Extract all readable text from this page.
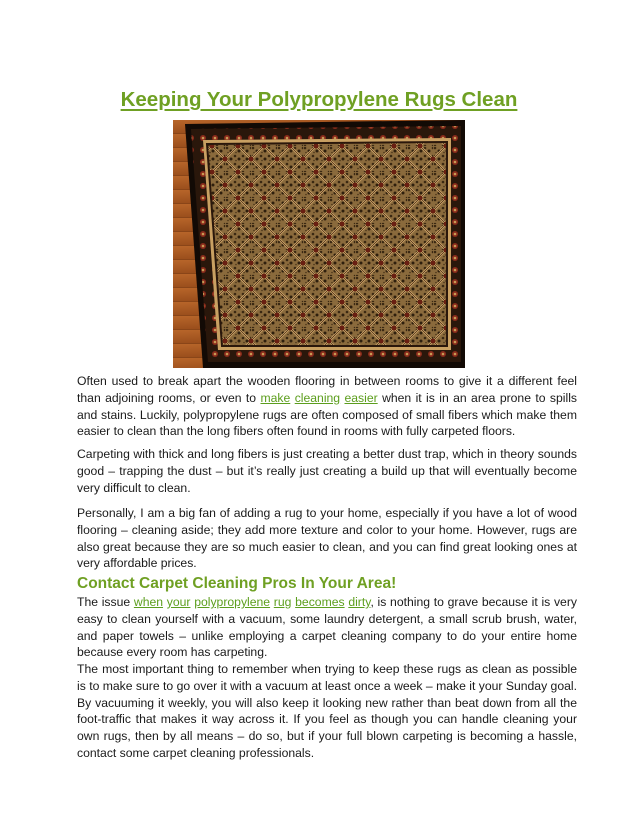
Keeping Your Polypropylene Rugs Clean

Often used to break apart the wooden flooring in between rooms to give it a different feel than adjoining rooms, or even to make cleaning easier when it is in an area prone to spills and stains. Luckily, polypropylene rugs are often composed of small fibers which make them easier to clean than the long fibers often found in rooms with fully carpeted floors.

Carpeting with thick and long fibers is just creating a better dust trap, which in theory sounds good – trapping the dust – but it’s really just creating a build up that will eventually become very difficult to clean.

Personally, I am a big fan of adding a rug to your home, especially if you have a lot of wood flooring – cleaning aside; they add more texture and color to your home. However, rugs are also great because they are so much easier to clean, and you can find great looking ones at very affordable prices.

Contact Carpet Cleaning Pros In Your Area!

The issue when your polypropylene rug becomes dirty, is nothing to grave because it is very easy to clean yourself with a vacuum, some laundry detergent, a small scrub brush, water, and paper towels – unlike employing a carpet cleaning company to do your entire home because every room has carpeting.

The most important thing to remember when trying to keep these rugs as clean as possible is to make sure to go over it with a vacuum at least once a week – make it your Sunday goal. By vacuuming it weekly, you will also keep it looking new rather than beat down from all the foot-traffic that makes it way across it. If you feel as though you can handle cleaning your own rugs, then by all means – do so, but if your full blown carpeting is becoming a hassle, contact some carpet cleaning professionals.
